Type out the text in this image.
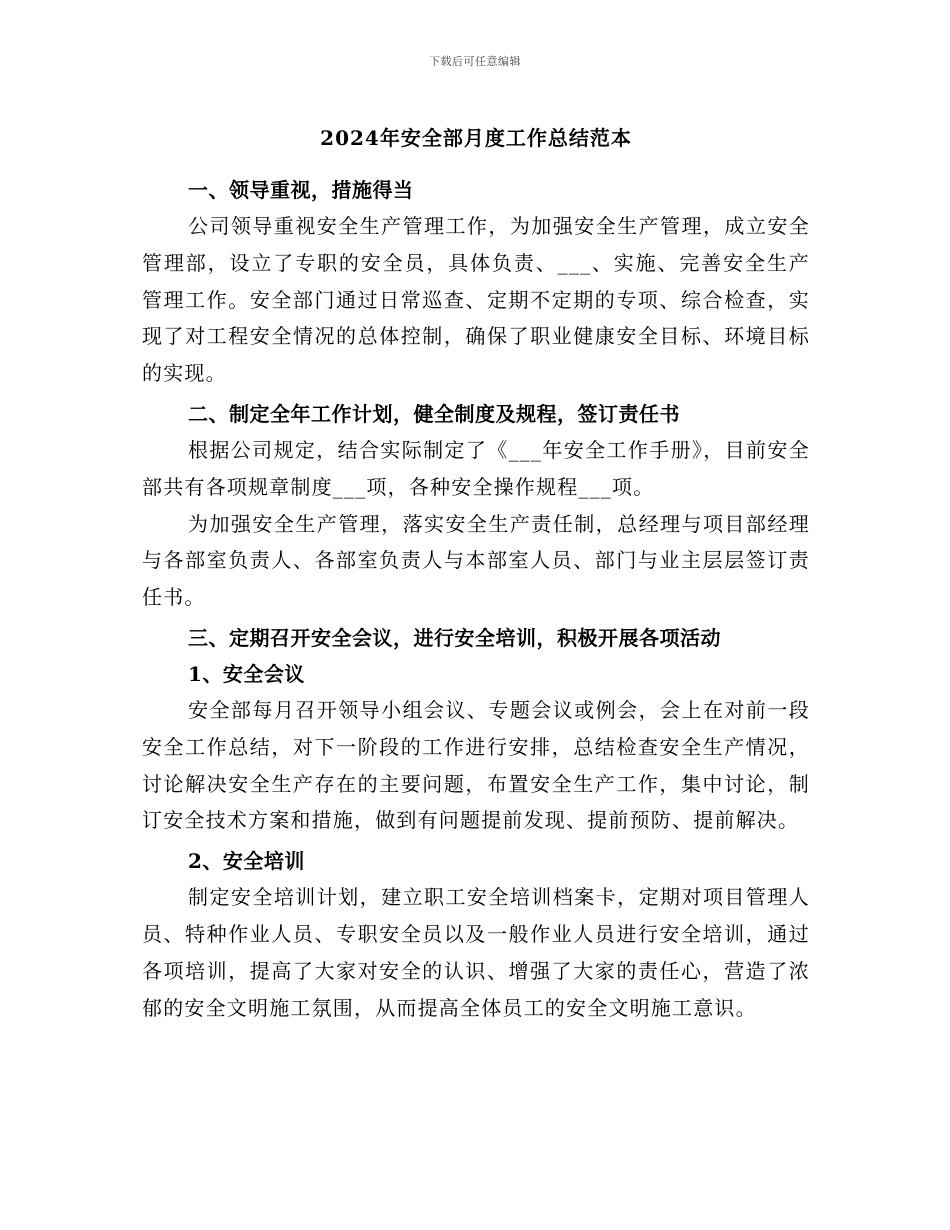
下载后可任意编辑
2024年安全部月度工作总结范本

一、领导重视，措施得当

公司领导重视安全生产管理工作，为加强安全生产管理，成立安全管理部，设立了专职的安全员，具体负责、___、实施、完善安全生产管理工作。安全部门通过日常巡查、定期不定期的专项、综合检查，实现了对工程安全情况的总体控制，确保了职业健康安全目标、环境目标的实现。

二、制定全年工作计划，健全制度及规程，签订责任书

根据公司规定，结合实际制定了《___年安全工作手册》，目前安全部共有各项规章制度___项，各种安全操作规程___项。

为加强安全生产管理，落实安全生产责任制，总经理与项目部经理与各部室负责人、各部室负责人与本部室人员、部门与业主层层签订责任书。

三、定期召开安全会议，进行安全培训，积极开展各项活动

1、安全会议

安全部每月召开领导小组会议、专题会议或例会，会上在对前一段安全工作总结，对下一阶段的工作进行安排，总结检查安全生产情况，讨论解决安全生产存在的主要问题，布置安全生产工作，集中讨论，制订安全技术方案和措施，做到有问题提前发现、提前预防、提前解决。

2、安全培训

制定安全培训计划，建立职工安全培训档案卡，定期对项目管理人员、特种作业人员、专职安全员以及一般作业人员进行安全培训，通过各项培训，提高了大家对安全的认识、增强了大家的责任心，营造了浓郁的安全文明施工氛围，从而提高全体员工的安全文明施工意识。
